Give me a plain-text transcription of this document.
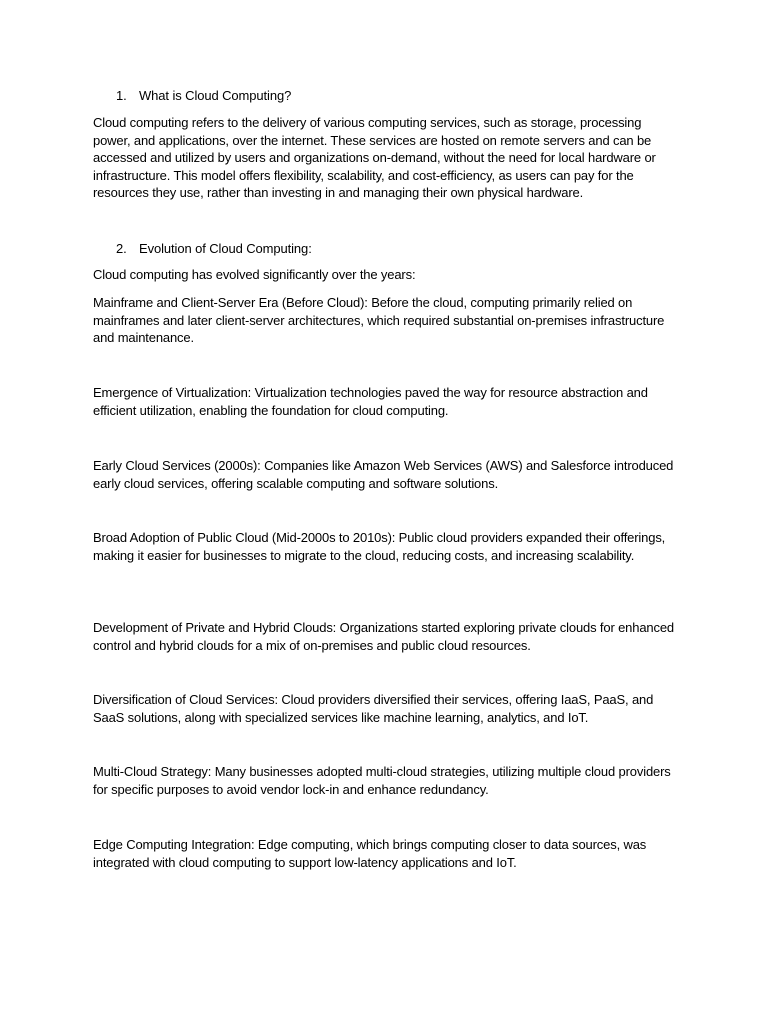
1. What is Cloud Computing?

Cloud computing refers to the delivery of various computing services, such as storage, processing power, and applications, over the internet. These services are hosted on remote servers and can be accessed and utilized by users and organizations on-demand, without the need for local hardware or infrastructure. This model offers flexibility, scalability, and cost-efficiency, as users can pay for the resources they use, rather than investing in and managing their own physical hardware.

2. Evolution of Cloud Computing:

Cloud computing has evolved significantly over the years:

Mainframe and Client-Server Era (Before Cloud): Before the cloud, computing primarily relied on mainframes and later client-server architectures, which required substantial on-premises infrastructure and maintenance.

Emergence of Virtualization: Virtualization technologies paved the way for resource abstraction and efficient utilization, enabling the foundation for cloud computing.

Early Cloud Services (2000s): Companies like Amazon Web Services (AWS) and Salesforce introduced early cloud services, offering scalable computing and software solutions.

Broad Adoption of Public Cloud (Mid-2000s to 2010s): Public cloud providers expanded their offerings, making it easier for businesses to migrate to the cloud, reducing costs, and increasing scalability.

Development of Private and Hybrid Clouds: Organizations started exploring private clouds for enhanced control and hybrid clouds for a mix of on-premises and public cloud resources.

Diversification of Cloud Services: Cloud providers diversified their services, offering IaaS, PaaS, and SaaS solutions, along with specialized services like machine learning, analytics, and IoT.

Multi-Cloud Strategy: Many businesses adopted multi-cloud strategies, utilizing multiple cloud providers for specific purposes to avoid vendor lock-in and enhance redundancy.

Edge Computing Integration: Edge computing, which brings computing closer to data sources, was integrated with cloud computing to support low-latency applications and IoT.
